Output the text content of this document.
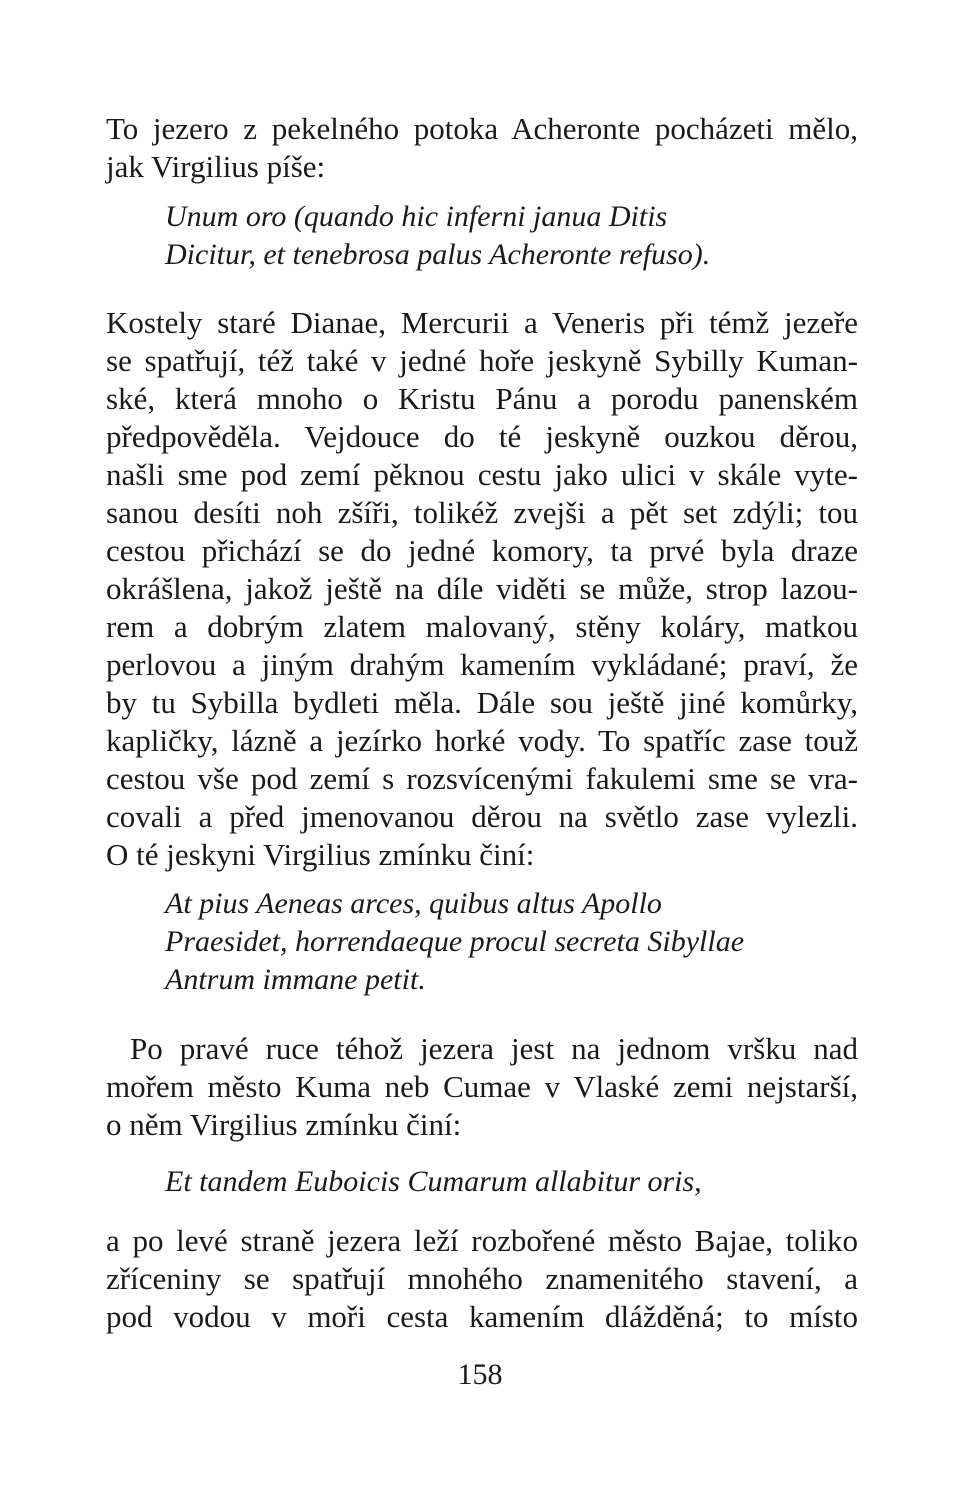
To jezero z pekelného potoka Acheronte pocházeti mělo,
jak Virgilius píše:
Unum oro (quando hic inferni janua Ditis
Dicitur, et tenebrosa palus Acheronte refuso).
Kostely staré Dianae, Mercurii a Veneris při témž jezeře
se spatřují, též také v jedné hoře jeskyně Sybilly Kuman-
ské, která mnoho o Kristu Pánu a porodu panenském
předpověděla. Vejdouce do té jeskyně ouzkou děrou,
našli sme pod zemí pěknou cestu jako ulici v skále vyte-
sanou desíti noh zšíři, tolikéž zvejši a pět set zdýli; tou
cestou přichází se do jedné komory, ta prvé byla draze
okrášlena, jakož ještě na díle viděti se může, strop lazou-
rem a dobrým zlatem malovaný, stěny koláry, matkou
perlovou a jiným drahým kamením vykládané; praví, že
by tu Sybilla bydleti měla. Dále sou ještě jiné komůrky,
kapličky, lázně a jezírko horké vody. To spatříc zase touž
cestou vše pod zemí s rozsvícenými fakulemi sme se vra-
covali a před jmenovanou děrou na světlo zase vylezli.
O té jeskyni Virgilius zmínku činí:
At pius Aeneas arces, quibus altus Apollo
Praesidet, horrendaeque procul secreta Sibyllae
Antrum immane petit.
Po pravé ruce téhož jezera jest na jednom vršku nad
mořem město Kuma neb Cumae v Vlaské zemi nejstarší,
o něm Virgilius zmínku činí:
Et tandem Euboicis Cumarum allabitur oris,
a po levé straně jezera leží rozbořené město Bajae, toliko
zříceniny se spatřují mnohého znamenitého stavení, a
pod vodou v moři cesta kamením dlážděná; to místo
158
